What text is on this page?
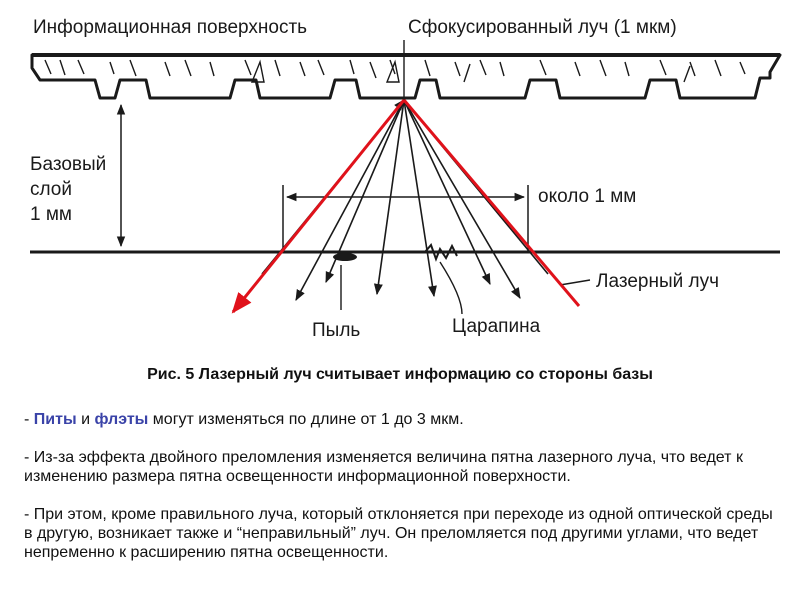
Информационная поверхность	Сфокусированный луч (1 мкм)
Базовый
слой
1 мм
около 1 мм
Лазерный луч
Пыль	Царапина
Рис. 5 Лазерный луч считывает информацию со стороны базы
- Питы и флэты могут изменяться по длине от 1 до 3 мкм.
- Из-за эффекта двойного преломления изменяется величина пятна лазерного луча, что ведет к изменению размера пятна освещенности информационной поверхности.
- При этом, кроме правильного луча, который отклоняется при переходе из одной оптической среды в другую, возникает также и “неправильный” луч. Он преломляется под другими углами, что ведет непременно к расширению пятна освещенности.
